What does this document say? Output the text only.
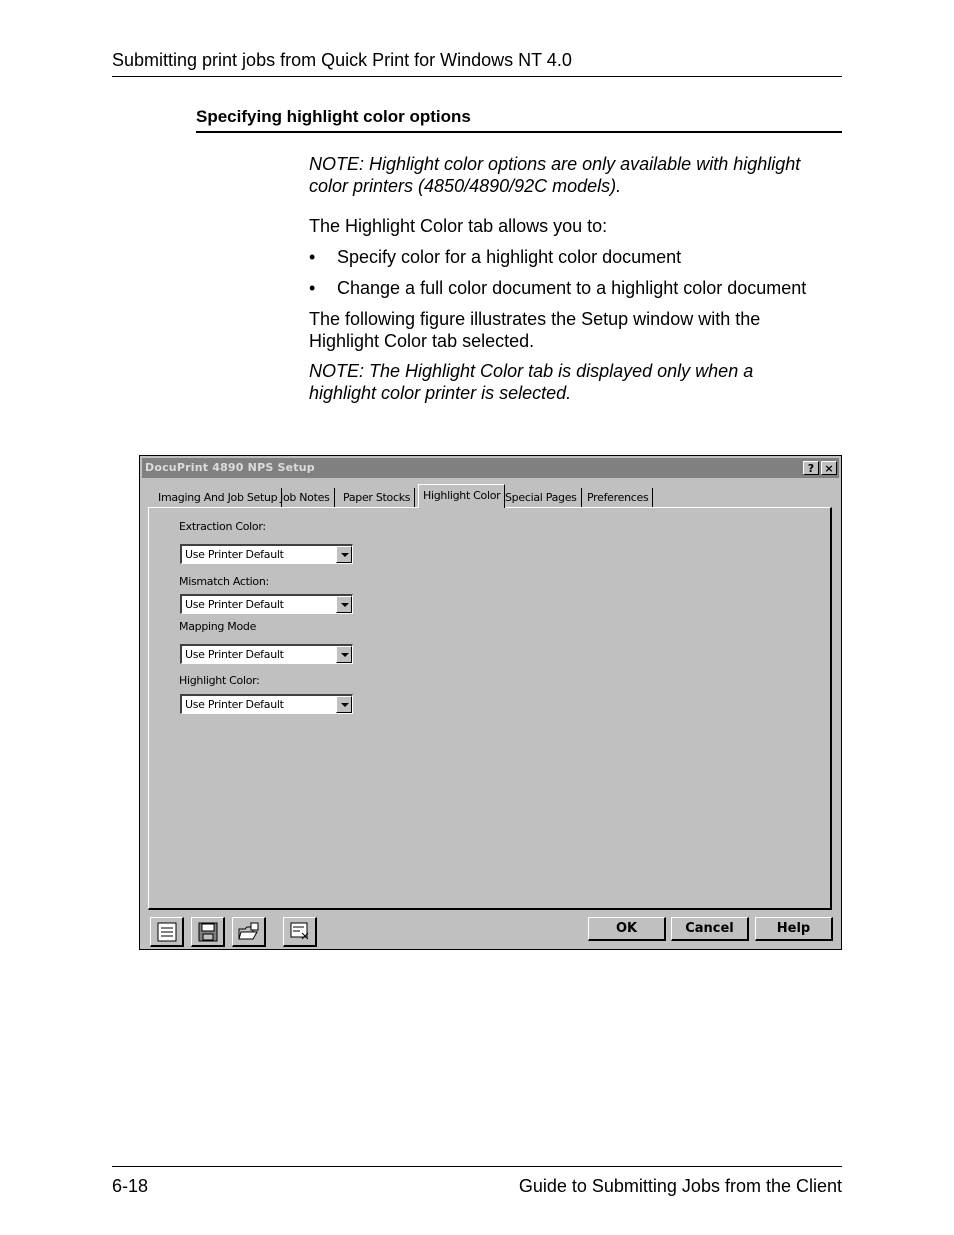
Submitting print jobs from Quick Print for Windows NT 4.0
Specifying highlight color options
NOTE: Highlight color options are only available with highlight
color printers (4850/4890/92C models).
The Highlight Color tab allows you to:
• Specify color for a highlight color document
• Change a full color document to a highlight color document
The following figure illustrates the Setup window with the
Highlight Color tab selected.
NOTE: The Highlight Color tab is displayed only when a
highlight color printer is selected.
DocuPrint 4890 NPS Setup	? ×
Imaging And Job Setup Job Notes	Paper Stocks	Highlight Color Special Pages Preferences
Extraction Color:
Use Printer Default
Mismatch Action:
Use Printer Default
Mapping Mode
Use Printer Default
Highlight Color:
Use Printer Default
OK	Cancel	Help
6-18	Guide to Submitting Jobs from the Client
